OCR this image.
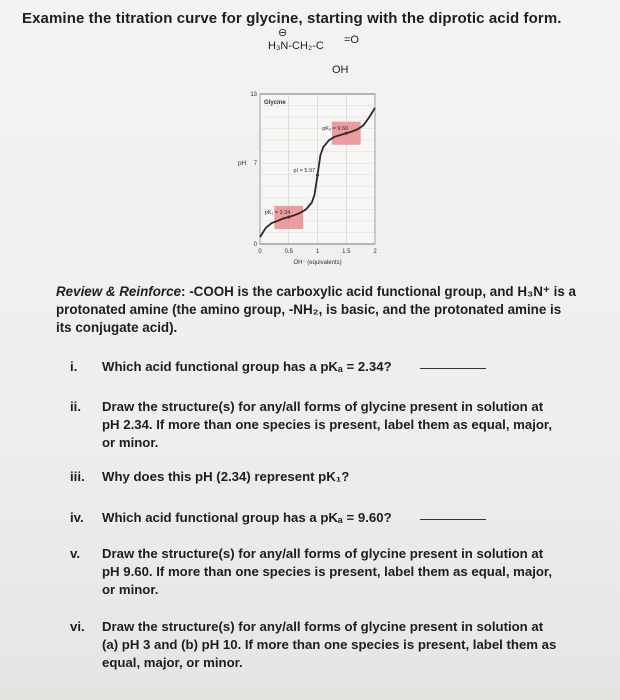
Examine the titration curve for glycine, starting with the diprotic acid form.
⊖
H₃N-CH₂-C =O
OH
Glycine
pK₂ = 9.60
pI = 5.97
pK₁ = 2.34
0	0.5	1	1.5	2
0
7
13
pH
OH⁻ (equivalents)
Review & Reinforce: -COOH is the carboxylic acid functional group, and H₃N⁺ is a protonated amine (the amino group, -NH₂, is basic, and the protonated amine is its conjugate acid).
i.	Which acid functional group has a pKₐ = 2.34?
ii.	Draw the structure(s) for any/all forms of glycine present in solution at pH 2.34. If more than one species is present, label them as equal, major, or minor.
iii.	Why does this pH (2.34) represent pK₁?
iv.	Which acid functional group has a pKₐ = 9.60?
v.	Draw the structure(s) for any/all forms of glycine present in solution at pH 9.60. If more than one species is present, label them as equal, major, or minor.
vi.	Draw the structure(s) for any/all forms of glycine present in solution at (a) pH 3 and (b) pH 10. If more than one species is present, label them as equal, major, or minor.
